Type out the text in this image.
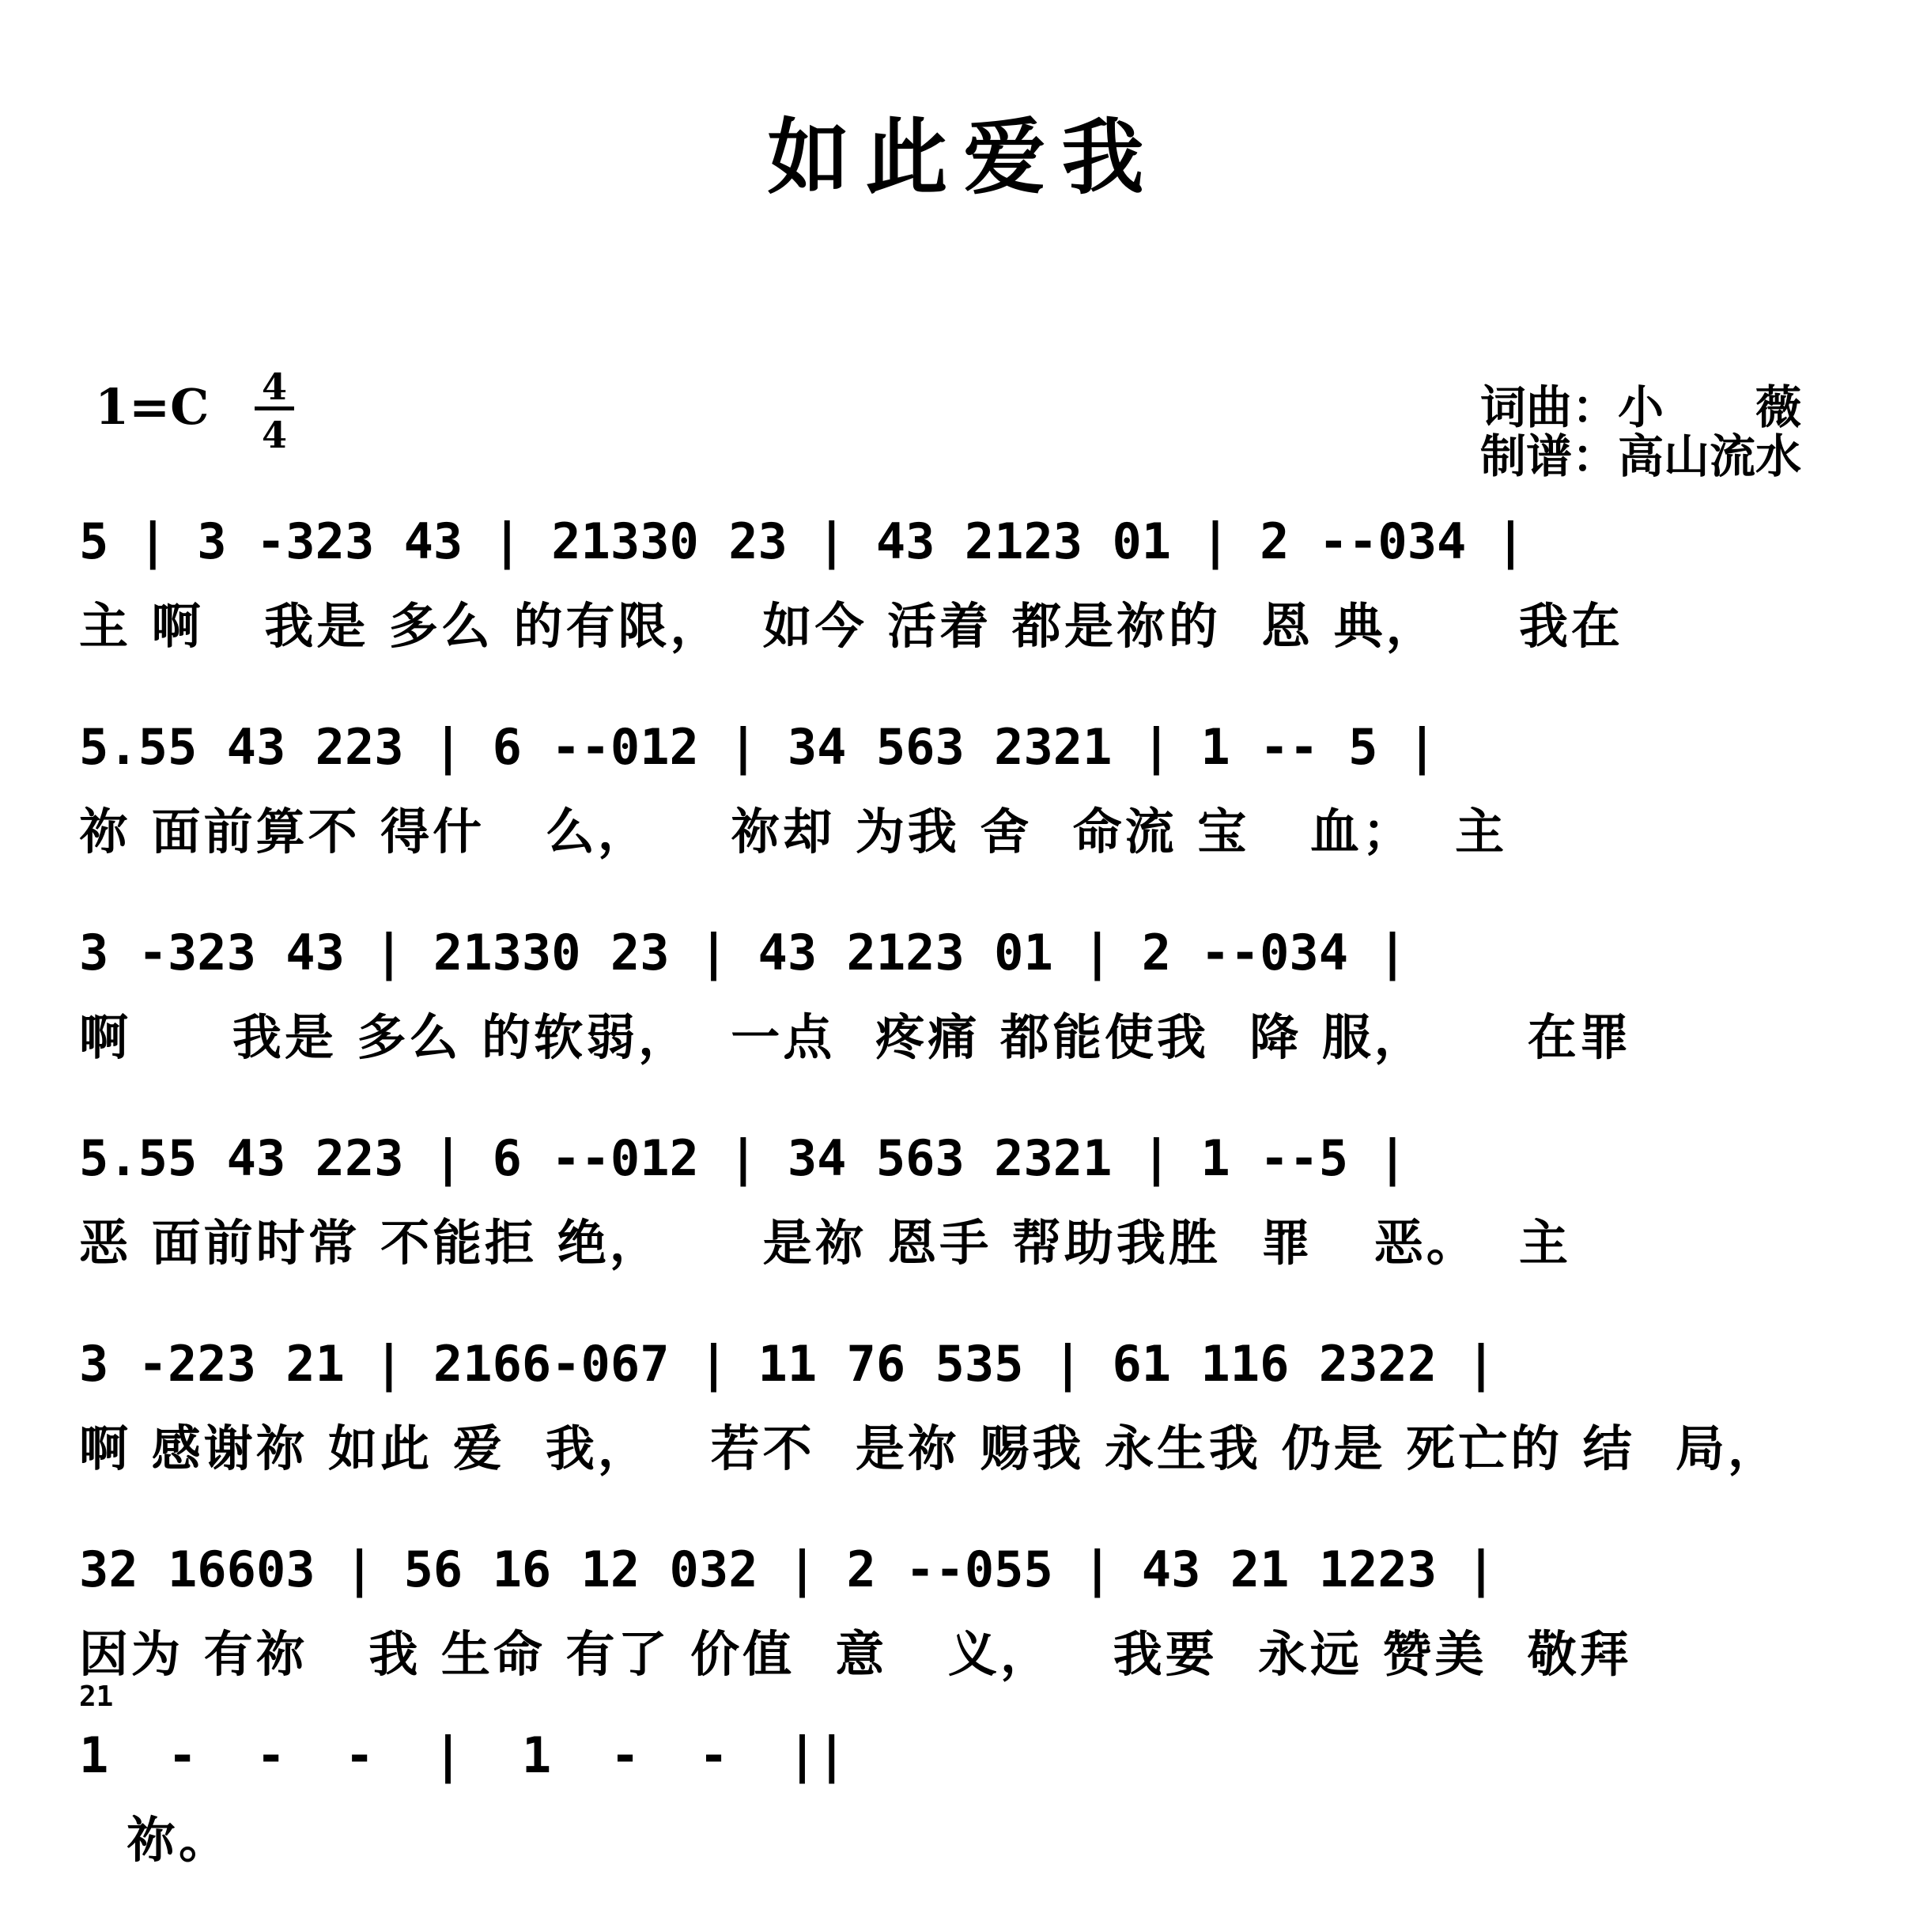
如此爱我
1=C 4
4
词曲：小　　薇
制谱：高山流水
5 | 3 -323 43 | 21330 23 | 43 2123 01 | 2 --034 |
主 啊   我是 多么 的有限，  如今 活着 都是祢的  恩 典，    我在
5.55 43 223 | 6 --012 | 34 563 2321 | 1 -- 5 |
祢 面前算不 得什   么，    祢却 为我 舍  命流 宝   血；  主
3 -323 43 | 21330 23 | 43 2123 01 | 2 --034 |
啊     我是 多么 的软弱，  一点  疼痛 都能使我  降 服，     在罪
5.55 43 223 | 6 --012 | 34 563 2321 | 1 --5 |
恶 面前时常 不能拒 绝，     是祢 恩手 帮助我胜  罪   恶。  主
3 -223 21 | 2166-067 | 11 76 535 | 61 116 2322 |
啊 感谢祢 如此 爱  我，   若不  是祢 赐我 永生我 仍是 死亡的 结  局，
32 16603 | 56 16 12 032 | 2 --055 | 43 21 1223 |
因为 有祢   我 生命 有了 价值  意   义，   我要  永远 赞美  敬拜
21
1  -  -  -  |  1  -  -  ||
祢。
